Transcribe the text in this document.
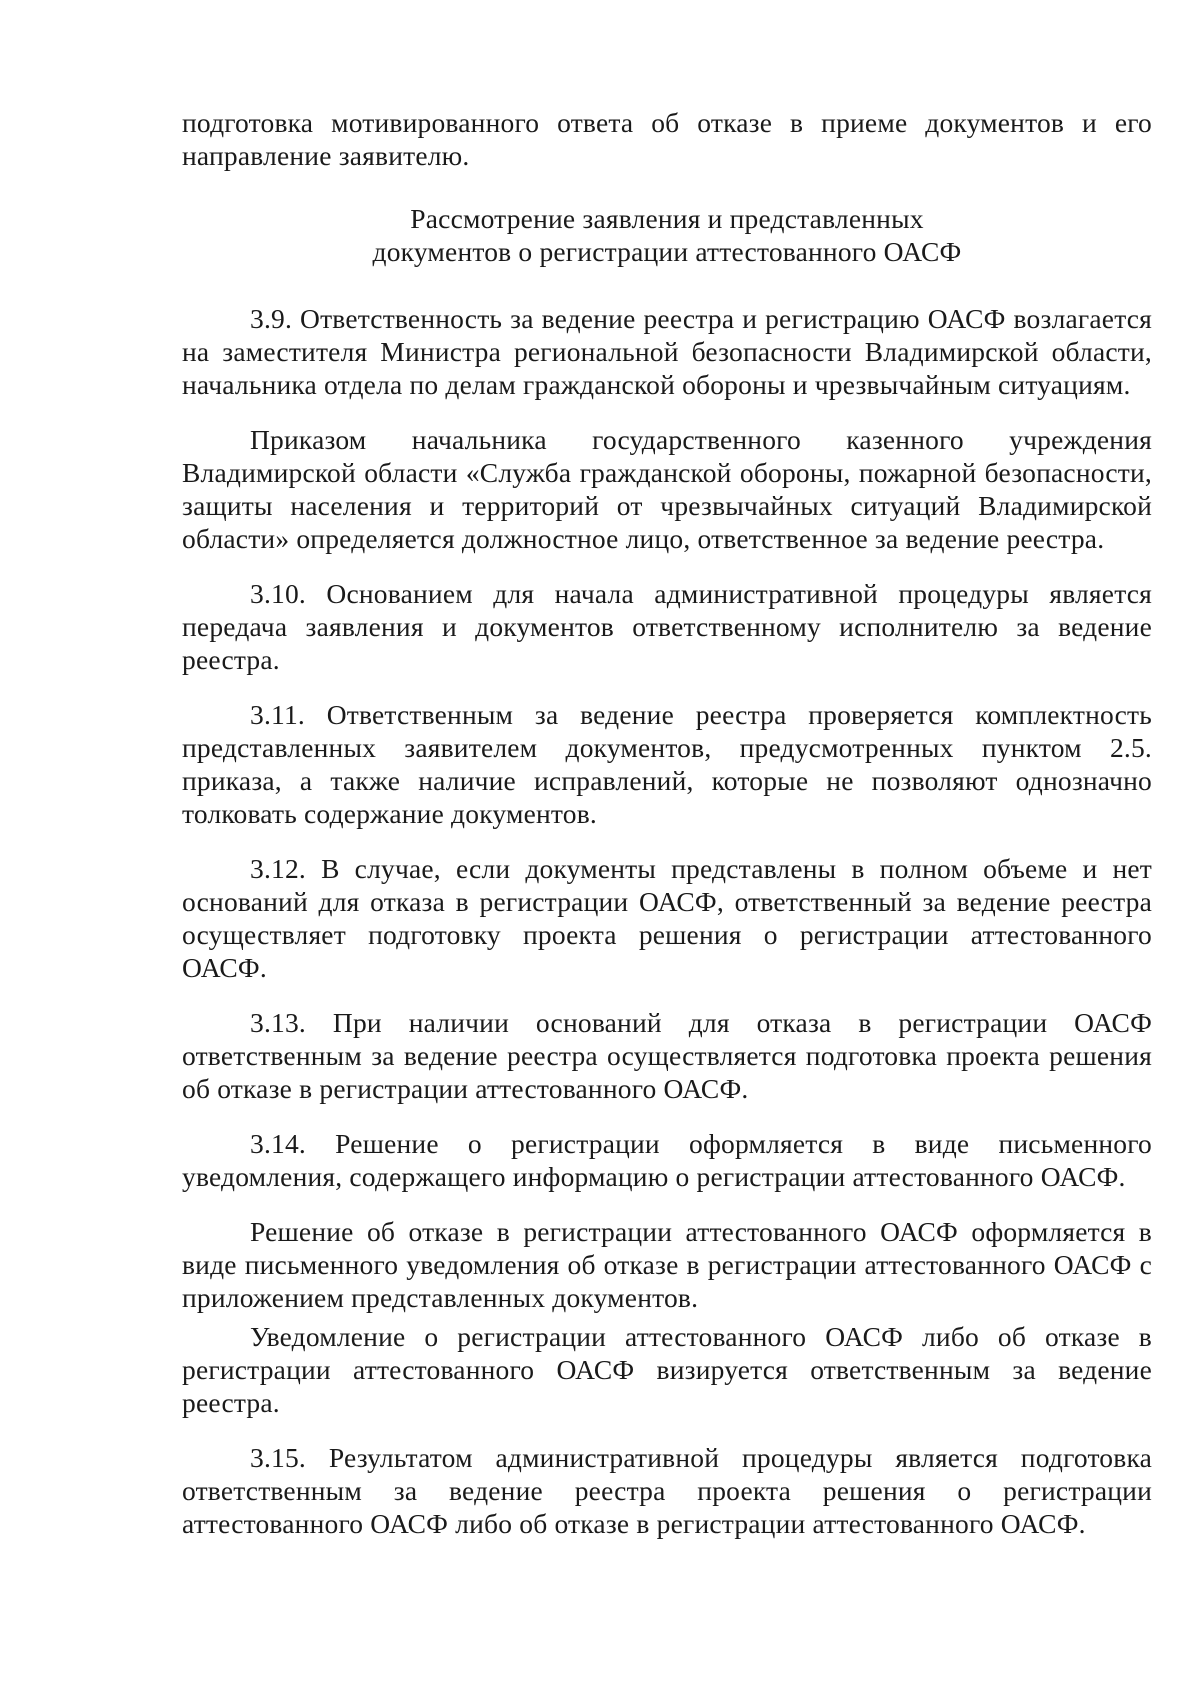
подготовка мотивированного ответа об отказе в приеме документов и его направление заявителю.

Рассмотрение заявления и представленных
документов о регистрации аттестованного ОАСФ

3.9. Ответственность за ведение реестра и регистрацию ОАСФ возлагается на заместителя Министра региональной безопасности Владимирской области, начальника отдела по делам гражданской обороны и чрезвычайным ситуациям.

Приказом начальника государственного казенного учреждения Владимирской области «Служба гражданской обороны, пожарной безопасности, защиты населения и территорий от чрезвычайных ситуаций Владимирской области» определяется должностное лицо, ответственное за ведение реестра.

3.10. Основанием для начала административной процедуры является передача заявления и документов ответственному исполнителю за ведение реестра.

3.11. Ответственным за ведение реестра проверяется комплектность представленных заявителем документов, предусмотренных пунктом 2.5. приказа, а также наличие исправлений, которые не позволяют однозначно толковать содержание документов.

3.12. В случае, если документы представлены в полном объеме и нет оснований для отказа в регистрации ОАСФ, ответственный за ведение реестра осуществляет подготовку проекта решения о регистрации аттестованного ОАСФ.

3.13. При наличии оснований для отказа в регистрации ОАСФ ответственным за ведение реестра осуществляется подготовка проекта решения об отказе в регистрации аттестованного ОАСФ.

3.14. Решение о регистрации оформляется в виде письменного уведомления, содержащего информацию о регистрации аттестованного ОАСФ.

Решение об отказе в регистрации аттестованного ОАСФ оформляется в виде письменного уведомления об отказе в регистрации аттестованного ОАСФ с приложением представленных документов.

Уведомление о регистрации аттестованного ОАСФ либо об отказе в регистрации аттестованного ОАСФ визируется ответственным за ведение реестра.

3.15. Результатом административной процедуры является подготовка ответственным за ведение реестра проекта решения о регистрации аттестованного ОАСФ либо об отказе в регистрации аттестованного ОАСФ.
